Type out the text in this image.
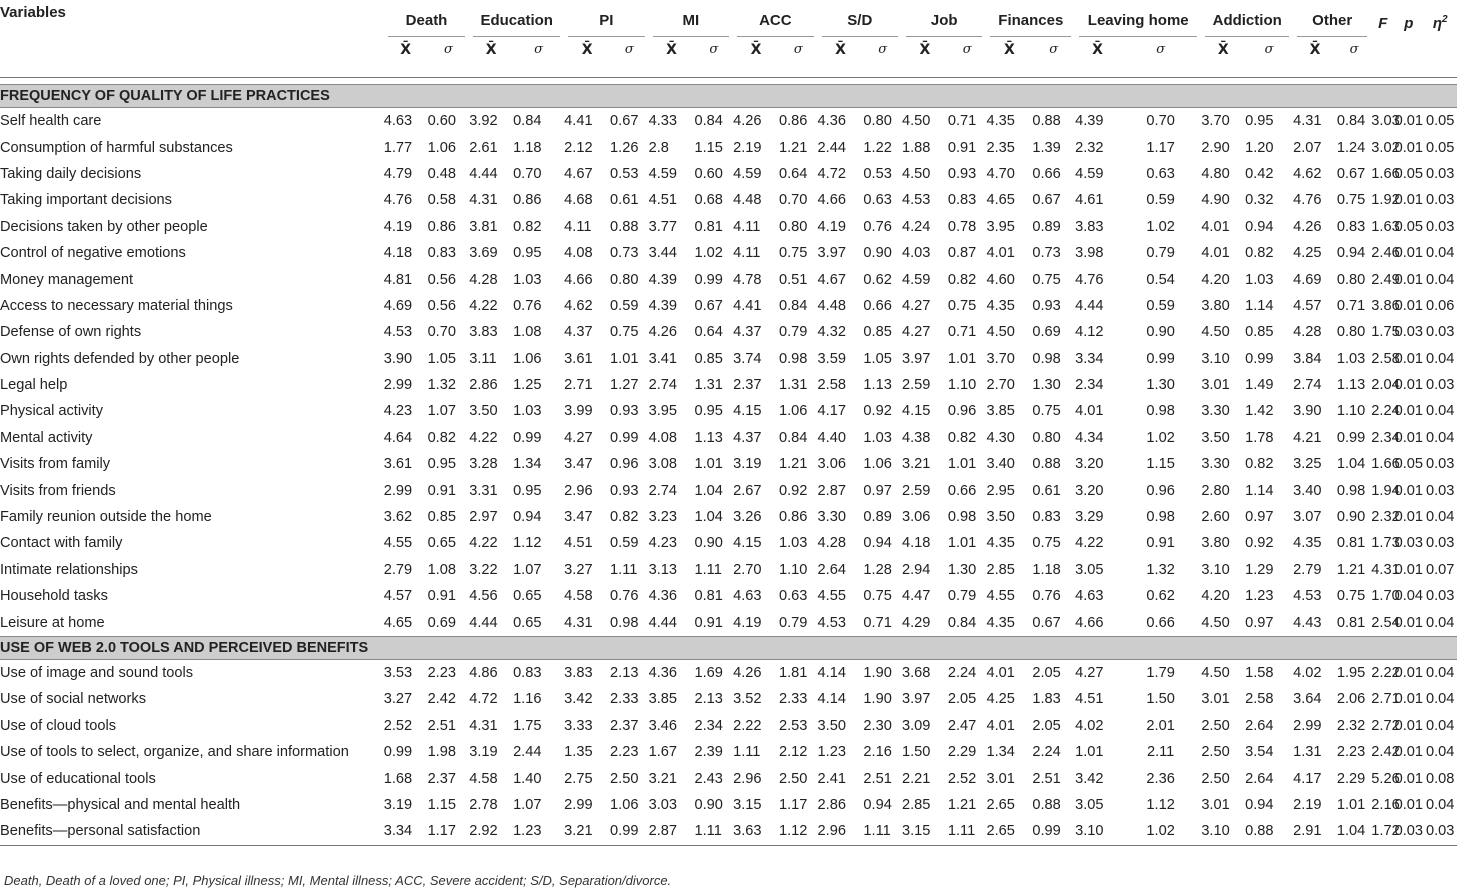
Variables	Death		Education		PI		MI		ACC		S/D		Job		Finances		Leaving home		Addiction		Other		F	p	$\eta^2$
	X̄	σ	X̄	σ	X̄	σ	X̄	σ	X̄	σ	X̄	σ	X̄	σ	X̄	σ	X̄	σ	X̄	σ	X̄	σ			

FREQUENCY OF QUALITY OF LIFE PRACTICES																									
Self health care	4.63	0.60	3.92	0.84	4.41	0.67	4.33	0.84	4.26	0.86	4.36	0.80	4.50	0.71	4.35	0.88	4.39	0.70	3.70	0.95	4.31	0.84	3.03	0.01	0.05
Consumption of harmful substances	1.77	1.06	2.61	1.18	2.12	1.26	2.8	1.15	2.19	1.21	2.44	1.22	1.88	0.91	2.35	1.39	2.32	1.17	2.90	1.20	2.07	1.24	3.02	0.01	0.05
Taking daily decisions	4.79	0.48	4.44	0.70	4.67	0.53	4.59	0.60	4.59	0.64	4.72	0.53	4.50	0.93	4.70	0.66	4.59	0.63	4.80	0.42	4.62	0.67	1.66	0.05	0.03
Taking important decisions	4.76	0.58	4.31	0.86	4.68	0.61	4.51	0.68	4.48	0.70	4.66	0.63	4.53	0.83	4.65	0.67	4.61	0.59	4.90	0.32	4.76	0.75	1.92	0.01	0.03
Decisions taken by other people	4.19	0.86	3.81	0.82	4.11	0.88	3.77	0.81	4.11	0.80	4.19	0.76	4.24	0.78	3.95	0.89	3.83	1.02	4.01	0.94	4.26	0.83	1.63	0.05	0.03
Control of negative emotions	4.18	0.83	3.69	0.95	4.08	0.73	3.44	1.02	4.11	0.75	3.97	0.90	4.03	0.87	4.01	0.73	3.98	0.79	4.01	0.82	4.25	0.94	2.46	0.01	0.04
Money management	4.81	0.56	4.28	1.03	4.66	0.80	4.39	0.99	4.78	0.51	4.67	0.62	4.59	0.82	4.60	0.75	4.76	0.54	4.20	1.03	4.69	0.80	2.49	0.01	0.04
Access to necessary material things	4.69	0.56	4.22	0.76	4.62	0.59	4.39	0.67	4.41	0.84	4.48	0.66	4.27	0.75	4.35	0.93	4.44	0.59	3.80	1.14	4.57	0.71	3.86	0.01	0.06
Defense of own rights	4.53	0.70	3.83	1.08	4.37	0.75	4.26	0.64	4.37	0.79	4.32	0.85	4.27	0.71	4.50	0.69	4.12	0.90	4.50	0.85	4.28	0.80	1.75	0.03	0.03
Own rights defended by other people	3.90	1.05	3.11	1.06	3.61	1.01	3.41	0.85	3.74	0.98	3.59	1.05	3.97	1.01	3.70	0.98	3.34	0.99	3.10	0.99	3.84	1.03	2.58	0.01	0.04
Legal help	2.99	1.32	2.86	1.25	2.71	1.27	2.74	1.31	2.37	1.31	2.58	1.13	2.59	1.10	2.70	1.30	2.34	1.30	3.01	1.49	2.74	1.13	2.04	0.01	0.03
Physical activity	4.23	1.07	3.50	1.03	3.99	0.93	3.95	0.95	4.15	1.06	4.17	0.92	4.15	0.96	3.85	0.75	4.01	0.98	3.30	1.42	3.90	1.10	2.24	0.01	0.04
Mental activity	4.64	0.82	4.22	0.99	4.27	0.99	4.08	1.13	4.37	0.84	4.40	1.03	4.38	0.82	4.30	0.80	4.34	1.02	3.50	1.78	4.21	0.99	2.34	0.01	0.04
Visits from family	3.61	0.95	3.28	1.34	3.47	0.96	3.08	1.01	3.19	1.21	3.06	1.06	3.21	1.01	3.40	0.88	3.20	1.15	3.30	0.82	3.25	1.04	1.66	0.05	0.03
Visits from friends	2.99	0.91	3.31	0.95	2.96	0.93	2.74	1.04	2.67	0.92	2.87	0.97	2.59	0.66	2.95	0.61	3.20	0.96	2.80	1.14	3.40	0.98	1.94	0.01	0.03
Family reunion outside the home	3.62	0.85	2.97	0.94	3.47	0.82	3.23	1.04	3.26	0.86	3.30	0.89	3.06	0.98	3.50	0.83	3.29	0.98	2.60	0.97	3.07	0.90	2.32	0.01	0.04
Contact with family	4.55	0.65	4.22	1.12	4.51	0.59	4.23	0.90	4.15	1.03	4.28	0.94	4.18	1.01	4.35	0.75	4.22	0.91	3.80	0.92	4.35	0.81	1.73	0.03	0.03
Intimate relationships	2.79	1.08	3.22	1.07	3.27	1.11	3.13	1.11	2.70	1.10	2.64	1.28	2.94	1.30	2.85	1.18	3.05	1.32	3.10	1.29	2.79	1.21	4.31	0.01	0.07
Household tasks	4.57	0.91	4.56	0.65	4.58	0.76	4.36	0.81	4.63	0.63	4.55	0.75	4.47	0.79	4.55	0.76	4.63	0.62	4.20	1.23	4.53	0.75	1.70	0.04	0.03
Leisure at home	4.65	0.69	4.44	0.65	4.31	0.98	4.44	0.91	4.19	0.79	4.53	0.71	4.29	0.84	4.35	0.67	4.66	0.66	4.50	0.97	4.43	0.81	2.54	0.01	0.04
USE OF WEB 2.0 TOOLS AND PERCEIVED BENEFITS																									
Use of image and sound tools	3.53	2.23	4.86	0.83	3.83	2.13	4.36	1.69	4.26	1.81	4.14	1.90	3.68	2.24	4.01	2.05	4.27	1.79	4.50	1.58	4.02	1.95	2.22	0.01	0.04
Use of social networks	3.27	2.42	4.72	1.16	3.42	2.33	3.85	2.13	3.52	2.33	4.14	1.90	3.97	2.05	4.25	1.83	4.51	1.50	3.01	2.58	3.64	2.06	2.71	0.01	0.04
Use of cloud tools	2.52	2.51	4.31	1.75	3.33	2.37	3.46	2.34	2.22	2.53	3.50	2.30	3.09	2.47	4.01	2.05	4.02	2.01	2.50	2.64	2.99	2.32	2.72	0.01	0.04
Use of tools to select, organize, and share information	0.99	1.98	3.19	2.44	1.35	2.23	1.67	2.39	1.11	2.12	1.23	2.16	1.50	2.29	1.34	2.24	1.01	2.11	2.50	3.54	1.31	2.23	2.42	0.01	0.04
Use of educational tools	1.68	2.37	4.58	1.40	2.75	2.50	3.21	2.43	2.96	2.50	2.41	2.51	2.21	2.52	3.01	2.51	3.42	2.36	2.50	2.64	4.17	2.29	5.26	0.01	0.08
Benefits—physical and mental health	3.19	1.15	2.78	1.07	2.99	1.06	3.03	0.90	3.15	1.17	2.86	0.94	2.85	1.21	2.65	0.88	3.05	1.12	3.01	0.94	2.19	1.01	2.16	0.01	0.04
Benefits—personal satisfaction	3.34	1.17	2.92	1.23	3.21	0.99	2.87	1.11	3.63	1.12	2.96	1.11	3.15	1.11	2.65	0.99	3.10	1.02	3.10	0.88	2.91	1.04	1.72	0.03	0.03
Death, Death of a loved one; PI, Physical illness; MI, Mental illness; ACC, Severe accident; S/D, Separation/divorce.
